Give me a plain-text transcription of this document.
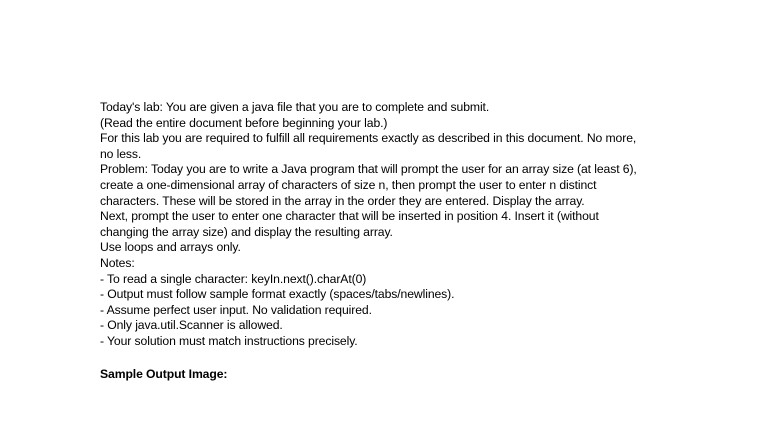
Today's lab: You are given a java file that you are to complete and submit.
(Read the entire document before beginning your lab.)
For this lab you are required to fulfill all requirements exactly as described in this document. No more,
no less.
Problem: Today you are to write a Java program that will prompt the user for an array size (at least 6),
create a one-dimensional array of characters of size n, then prompt the user to enter n distinct
characters. These will be stored in the array in the order they are entered. Display the array.
Next, prompt the user to enter one character that will be inserted in position 4. Insert it (without
changing the array size) and display the resulting array.
Use loops and arrays only.
Notes:
- To read a single character: keyIn.next().charAt(0)
- Output must follow sample format exactly (spaces/tabs/newlines).
- Assume perfect user input. No validation required.
- Only java.util.Scanner is allowed.
- Your solution must match instructions precisely.
Sample Output Image:
